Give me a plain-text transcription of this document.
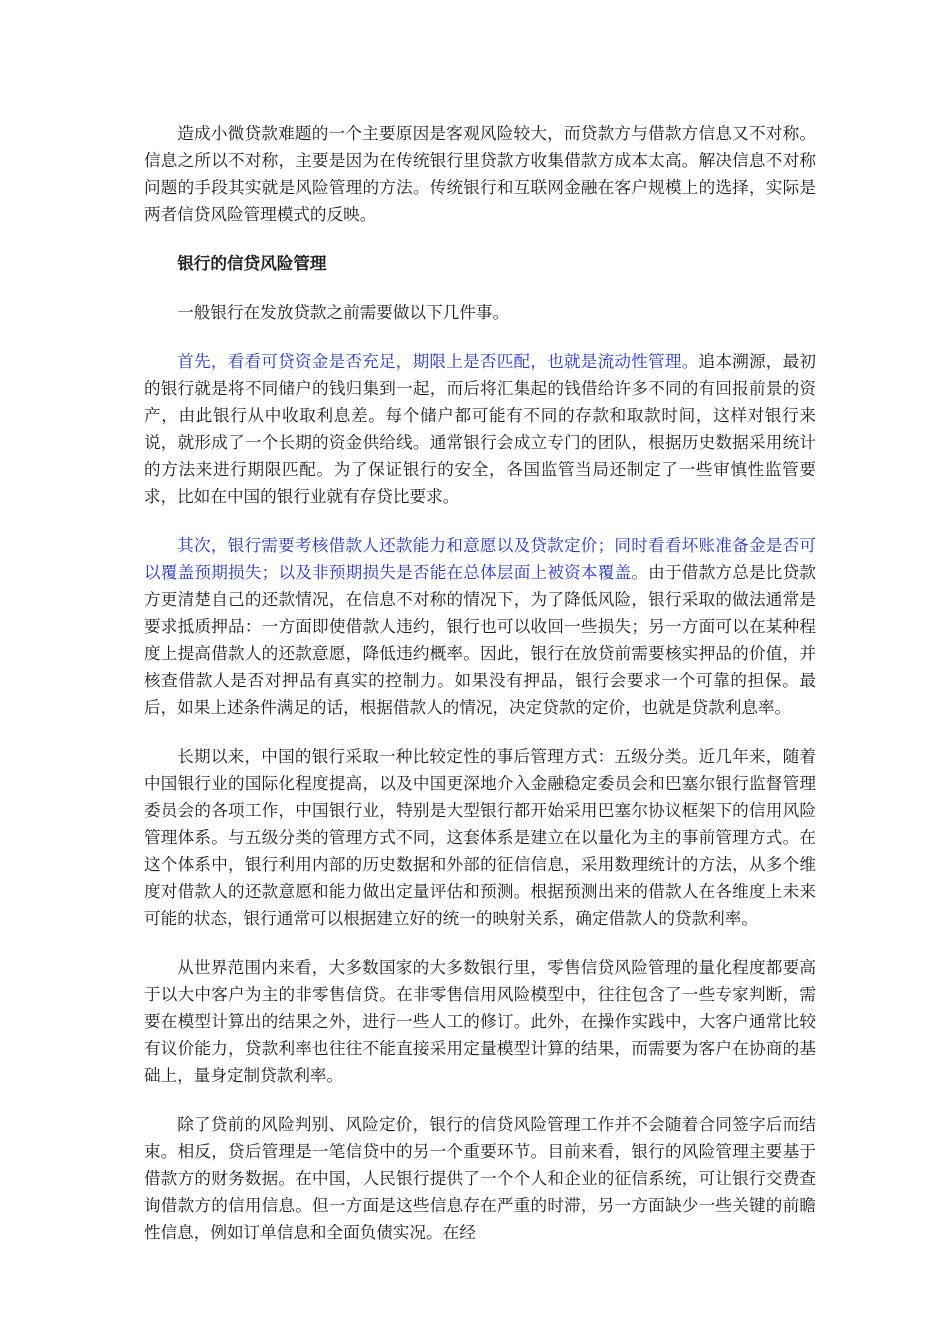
造成小微贷款难题的一个主要原因是客观风险较大，而贷款方与借款方信息又不对称。信息之所以不对称，主要是因为在传统银行里贷款方收集借款方成本太高。解决信息不对称问题的手段其实就是风险管理的方法。传统银行和互联网金融在客户规模上的选择，实际是两者信贷风险管理模式的反映。

银行的信贷风险管理

一般银行在发放贷款之前需要做以下几件事。

首先，看看可贷资金是否充足，期限上是否匹配，也就是流动性管理。追本溯源，最初的银行就是将不同储户的钱归集到一起，而后将汇集起的钱借给许多不同的有回报前景的资产，由此银行从中收取利息差。每个储户都可能有不同的存款和取款时间，这样对银行来说，就形成了一个长期的资金供给线。通常银行会成立专门的团队，根据历史数据采用统计的方法来进行期限匹配。为了保证银行的安全，各国监管当局还制定了一些审慎性监管要求，比如在中国的银行业就有存贷比要求。

其次，银行需要考核借款人还款能力和意愿以及贷款定价；同时看看坏账准备金是否可以覆盖预期损失；以及非预期损失是否能在总体层面上被资本覆盖。由于借款方总是比贷款方更清楚自己的还款情况，在信息不对称的情况下，为了降低风险，银行采取的做法通常是要求抵质押品：一方面即使借款人违约，银行也可以收回一些损失；另一方面可以在某种程度上提高借款人的还款意愿，降低违约概率。因此，银行在放贷前需要核实押品的价值，并核查借款人是否对押品有真实的控制力。如果没有押品，银行会要求一个可靠的担保。最后，如果上述条件满足的话，根据借款人的情况，决定贷款的定价，也就是贷款利息率。

长期以来，中国的银行采取一种比较定性的事后管理方式：五级分类。近几年来，随着中国银行业的国际化程度提高，以及中国更深地介入金融稳定委员会和巴塞尔银行监督管理委员会的各项工作，中国银行业，特别是大型银行都开始采用巴塞尔协议框架下的信用风险管理体系。与五级分类的管理方式不同，这套体系是建立在以量化为主的事前管理方式。在这个体系中，银行利用内部的历史数据和外部的征信信息，采用数理统计的方法，从多个维度对借款人的还款意愿和能力做出定量评估和预测。根据预测出来的借款人在各维度上未来可能的状态，银行通常可以根据建立好的统一的映射关系，确定借款人的贷款利率。

从世界范围内来看，大多数国家的大多数银行里，零售信贷风险管理的量化程度都要高于以大中客户为主的非零售信贷。在非零售信用风险模型中，往往包含了一些专家判断，需要在模型计算出的结果之外，进行一些人工的修订。此外，在操作实践中，大客户通常比较有议价能力，贷款利率也往往不能直接采用定量模型计算的结果，而需要为客户在协商的基础上，量身定制贷款利率。

除了贷前的风险判别、风险定价，银行的信贷风险管理工作并不会随着合同签字后而结束。相反，贷后管理是一笔信贷中的另一个重要环节。目前来看，银行的风险管理主要基于借款方的财务数据。在中国，人民银行提供了一个个人和企业的征信系统，可让银行交费查询借款方的信用信息。但一方面是这些信息存在严重的时滞，另一方面缺少一些关键的前瞻性信息，例如订单信息和全面负债实况。在经
